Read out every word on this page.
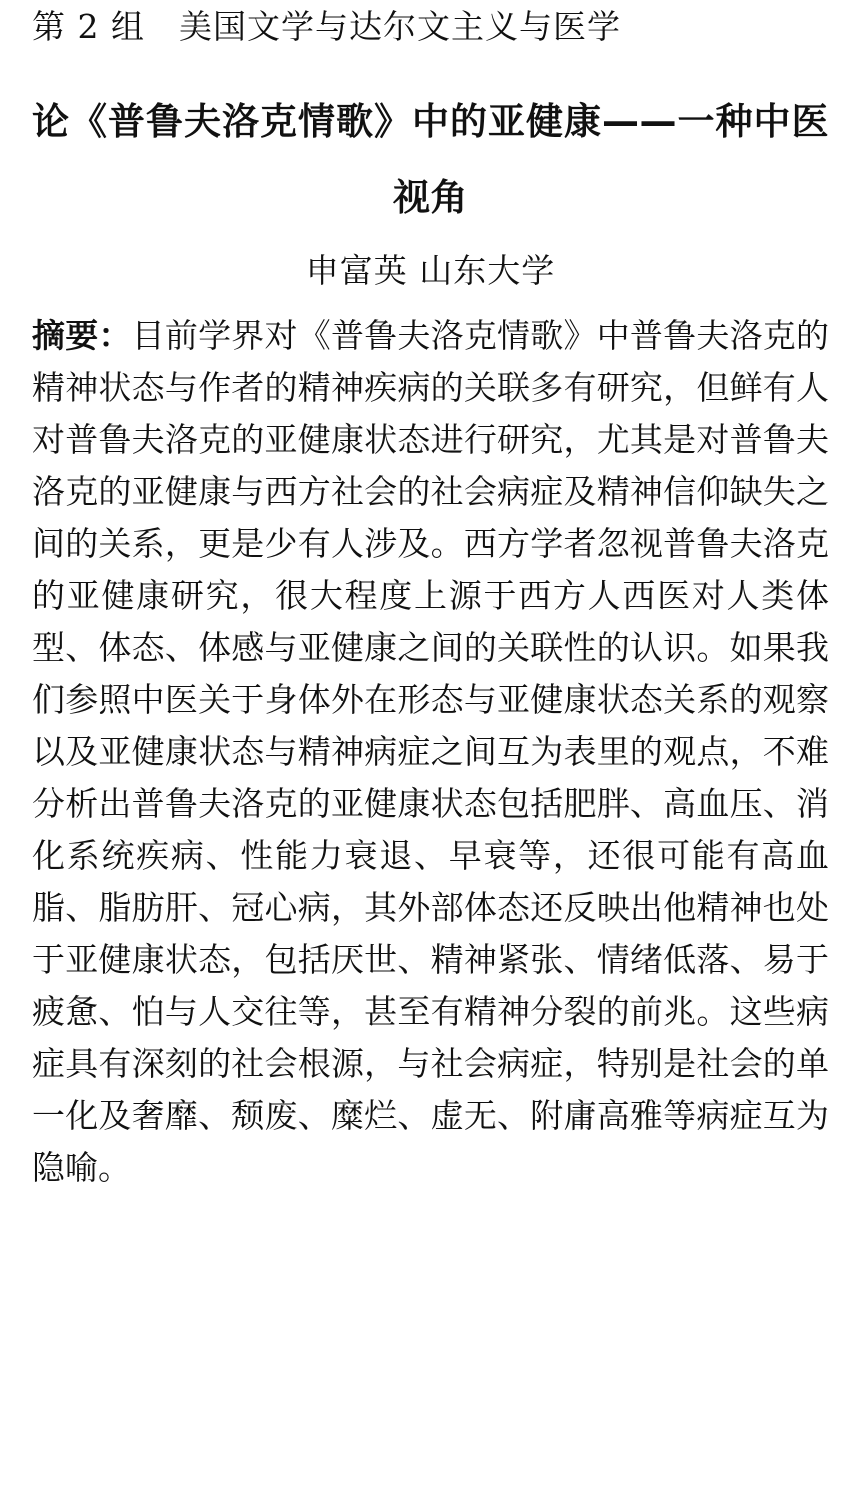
第 2 组 美国文学与达尔文主义与医学
论《普鲁夫洛克情歌》中的亚健康——一种中医视角
申富英 山东大学
摘要：目前学界对《普鲁夫洛克情歌》中普鲁夫洛克的精神状态与作者的精神疾病的关联多有研究，但鲜有人对普鲁夫洛克的亚健康状态进行研究，尤其是对普鲁夫洛克的亚健康与西方社会的社会病症及精神信仰缺失之间的关系，更是少有人涉及。西方学者忽视普鲁夫洛克的亚健康研究，很大程度上源于西方人西医对人类体型、体态、体感与亚健康之间的关联性的认识。如果我们参照中医关于身体外在形态与亚健康状态关系的观察以及亚健康状态与精神病症之间互为表里的观点，不难分析出普鲁夫洛克的亚健康状态包括肥胖、高血压、消化系统疾病、性能力衰退、早衰等，还很可能有高血脂、脂肪肝、冠心病，其外部体态还反映出他精神也处于亚健康状态，包括厌世、精神紧张、情绪低落、易于疲惫、怕与人交往等，甚至有精神分裂的前兆。这些病症具有深刻的社会根源，与社会病症，特别是社会的单一化及奢靡、颓废、糜烂、虚无、附庸高雅等病症互为隐喻。
